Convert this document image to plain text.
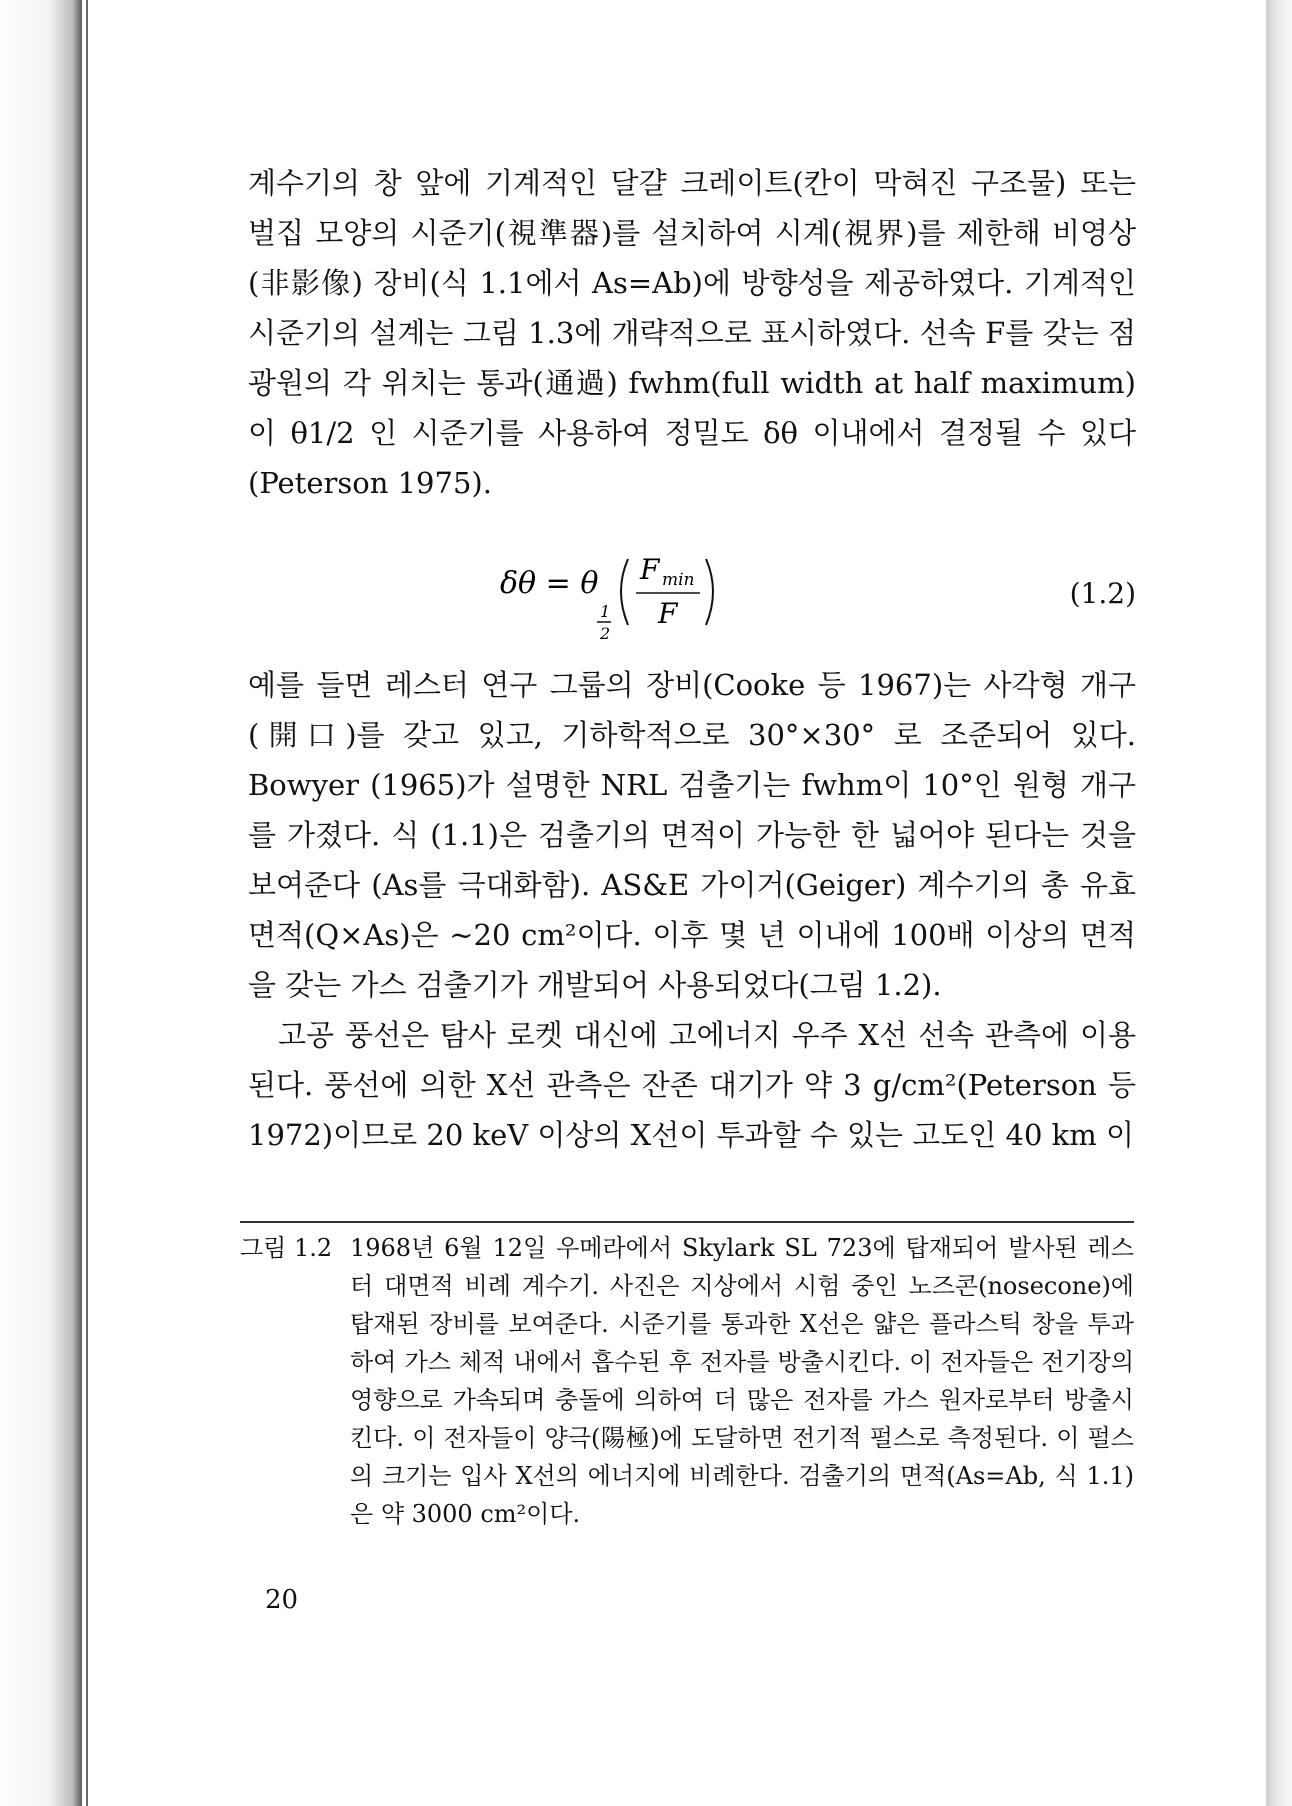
계수기의 창 앞에 기계적인 달걀 크레이트(칸이 막혀진 구조물) 또는 벌집 모양의 시준기(視準器)를 설치하여 시계(視界)를 제한해 비영상(非影像) 장비(식 1.1에서 As=Ab)에 방향성을 제공하였다. 기계적인 시준기의 설계는 그림 1.3에 개략적으로 표시하였다. 선속 F를 갖는 점광원의 각 위치는 통과(通過) fwhm(full width at half maximum)이 θ1/2 인 시준기를 사용하여 정밀도 δθ 이내에서 결정될 수 있다(Peterson 1975).

δθ = θ
1
2
F min
F
(1.2)

예를 들면 레스터 연구 그룹의 장비(Cooke 등 1967)는 사각형 개구(開口)를 갖고 있고, 기하학적으로 30°×30° 로 조준되어 있다. Bowyer (1965)가 설명한 NRL 검출기는 fwhm이 10°인 원형 개구를 가졌다. 식 (1.1)은 검출기의 면적이 가능한 한 넓어야 된다는 것을 보여준다 (As를 극대화함). AS&E 가이거(Geiger) 계수기의 총 유효 면적(Q×As)은 ~20 cm²이다. 이후 몇 년 이내에 100배 이상의 면적을 갖는 가스 검출기가 개발되어 사용되었다(그림 1.2).

고공 풍선은 탐사 로켓 대신에 고에너지 우주 X선 선속 관측에 이용된다. 풍선에 의한 X선 관측은 잔존 대기가 약 3 g/cm²(Peterson 등 1972)이므로 20 keV 이상의 X선이 투과할 수 있는 고도인 40 km 이

그림 1.2 1968년 6월 12일 우메라에서 Skylark SL 723에 탑재되어 발사된 레스터 대면적 비례 계수기. 사진은 지상에서 시험 중인 노즈콘(nosecone)에 탑재된 장비를 보여준다. 시준기를 통과한 X선은 얇은 플라스틱 창을 투과하여 가스 체적 내에서 흡수된 후 전자를 방출시킨다. 이 전자들은 전기장의 영향으로 가속되며 충돌에 의하여 더 많은 전자를 가스 원자로부터 방출시킨다. 이 전자들이 양극(陽極)에 도달하면 전기적 펄스로 측정된다. 이 펄스의 크기는 입사 X선의 에너지에 비례한다. 검출기의 면적(As=Ab, 식 1.1)은 약 3000 cm²이다.
20
